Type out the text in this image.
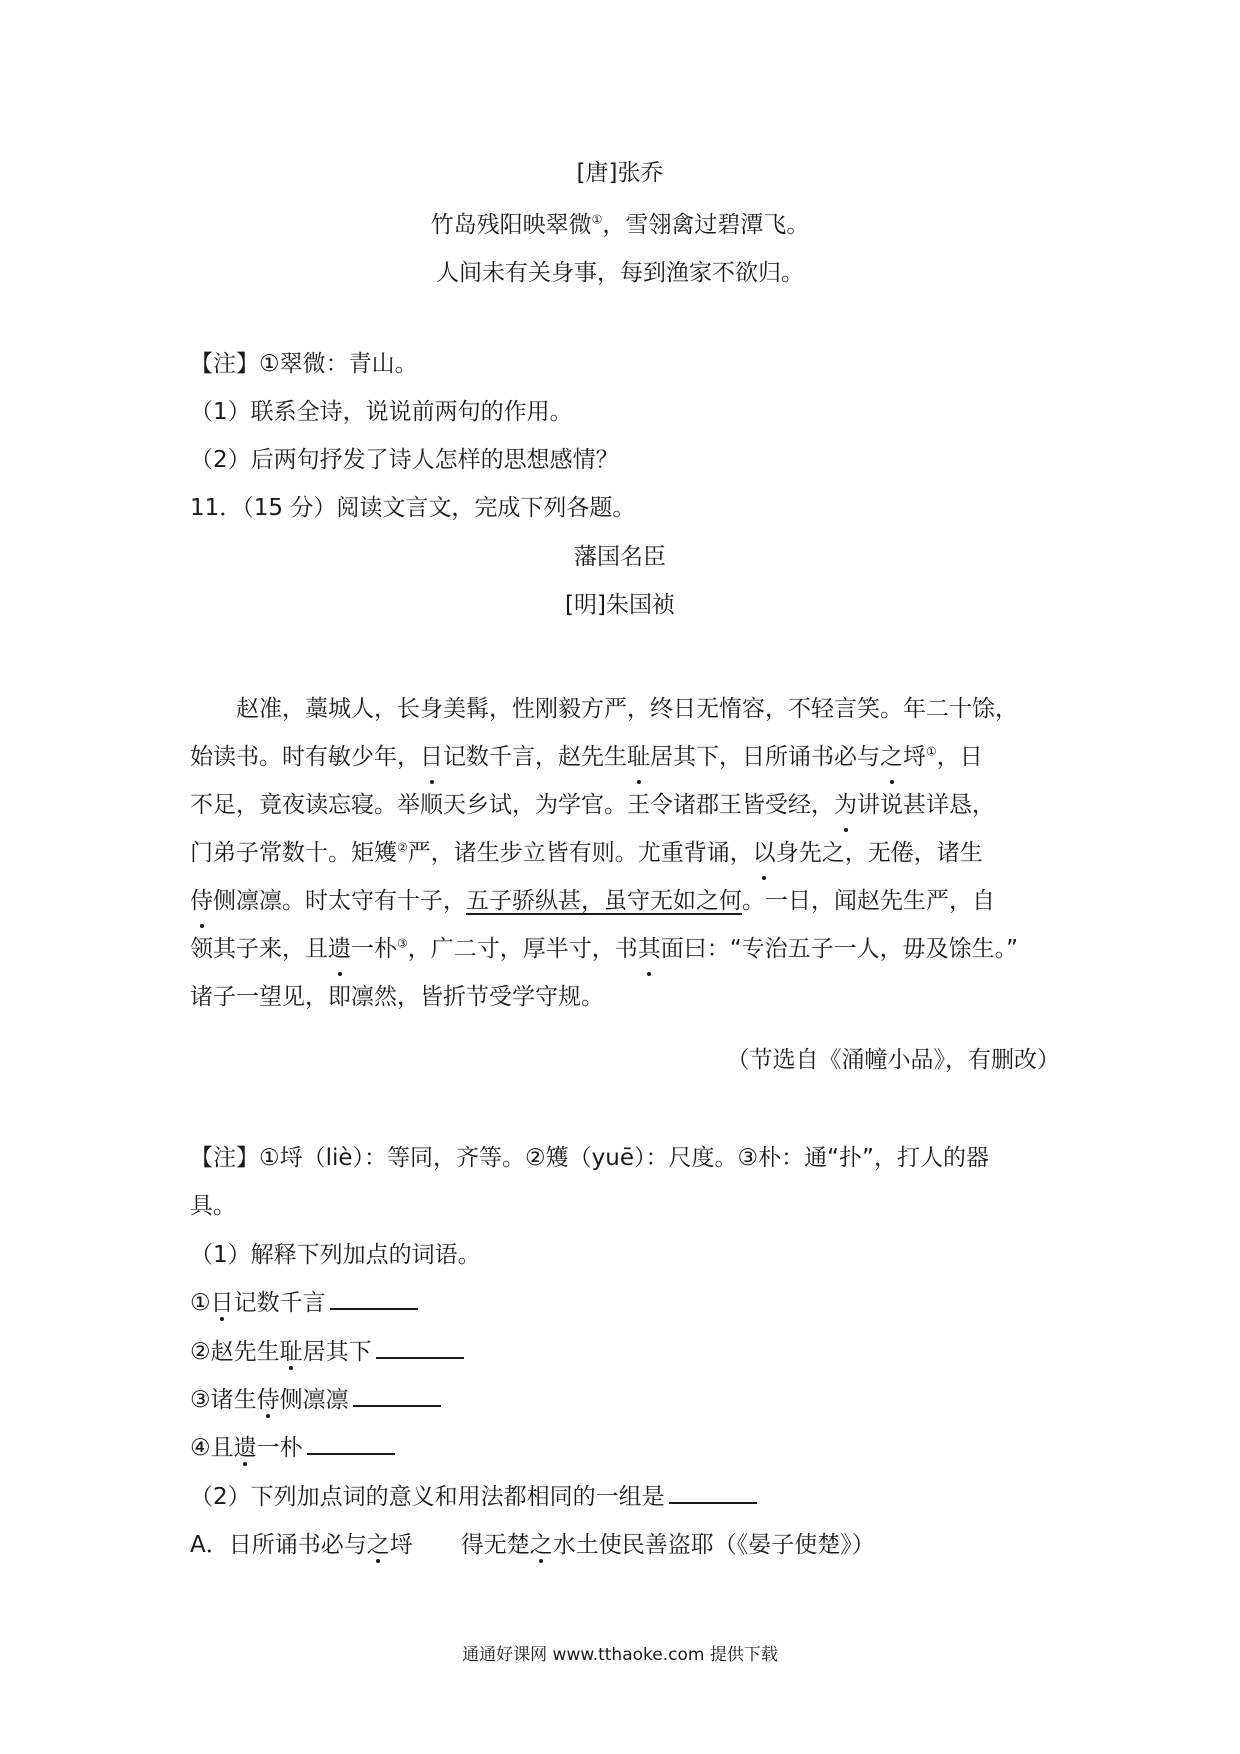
[唐]张乔
竹岛残阳映翠微①，雪翎禽过碧潭飞。
人间未有关身事，每到渔家不欲归。
【注】①翠微：青山。
（1）联系全诗，说说前两句的作用。
（2）后两句抒发了诗人怎样的思想感情？
11．（15 分）阅读文言文，完成下列各题。
藩国名臣
[明]朱国祯
赵准，藁城人，长身美髯，性刚毅方严，终日无惰容，不轻言笑。年二十馀，
始读书。时有敏少年，日记数千言，赵先生耻居其下，日所诵书必与之埒①，日
不足，竟夜读忘寝。举顺天乡试，为学官。王令诸郡王皆受经，为讲说甚详恳，
门弟子常数十。矩矱②严，诸生步立皆有则。尤重背诵，以身先之，无倦，诸生
侍侧凛凛。时太守有十子，五子骄纵甚，虽守无如之何。一日，闻赵先生严，自
领其子来，且遗一朴③，广二寸，厚半寸，书其面曰：“专治五子一人，毋及馀生。”
诸子一望见，即凛然，皆折节受学守规。
（节选自《涌幢小品》，有删改）
【注】①埒（liè）：等同，齐等。②矱（yuē）：尺度。③朴：通“扑”，打人的器
具。
（1）解释下列加点的词语。
①日记数千言
②赵先生耻居其下
③诸生侍侧凛凛
④且遗一朴
（2）下列加点词的意义和用法都相同的一组是
A．日所诵书必与之埒 得无楚之水土使民善盗耶（《晏子使楚》）
通通好课网 www.tthaoke.com 提供下载
